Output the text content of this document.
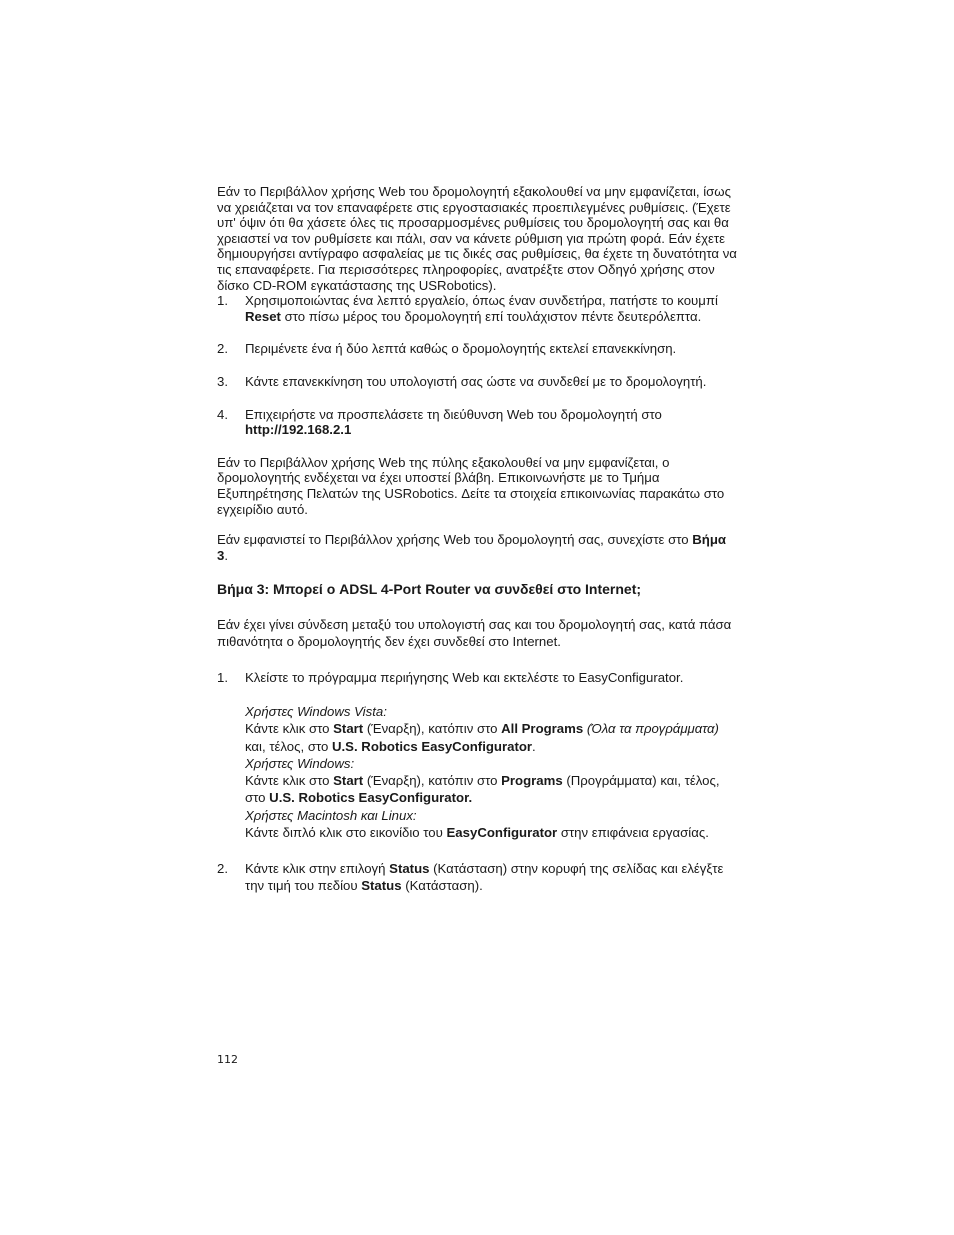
Εάν το Περιβάλλον χρήσης Web του δρομολογητή εξακολουθεί να μην εμφανίζεται, ίσως να χρειάζεται να τον επαναφέρετε στις εργοστασιακές προεπιλεγμένες ρυθμίσεις. (Έχετε υπ' όψιν ότι θα χάσετε όλες τις προσαρμοσμένες ρυθμίσεις του δρομολογητή σας και θα χρειαστεί να τον ρυθμίσετε και πάλι, σαν να κάνετε ρύθμιση για πρώτη φορά. Εάν έχετε δημιουργήσει αντίγραφο ασφαλείας με τις δικές σας ρυθμίσεις, θα έχετε τη δυνατότητα να τις επαναφέρετε. Για περισσότερες πληροφορίες, ανατρέξτε στον Οδηγό χρήσης στον δίσκο CD-ROM εγκατάστασης της USRobotics).

1. Χρησιμοποιώντας ένα λεπτό εργαλείο, όπως έναν συνδετήρα, πατήστε το κουμπί Reset στο πίσω μέρος του δρομολογητή επί τουλάχιστον πέντε δευτερόλεπτα.
2. Περιμένετε ένα ή δύο λεπτά καθώς ο δρομολογητής εκτελεί επανεκκίνηση.
3. Κάντε επανεκκίνηση του υπολογιστή σας ώστε να συνδεθεί με το δρομολογητή.
4. Επιχειρήστε να προσπελάσετε τη διεύθυνση Web του δρομολογητή στο http://192.168.2.1

Εάν το Περιβάλλον χρήσης Web της πύλης εξακολουθεί να μην εμφανίζεται, ο δρομολογητής ενδέχεται να έχει υποστεί βλάβη. Επικοινωνήστε με το Τμήμα Εξυπηρέτησης Πελατών της USRobotics. Δείτε τα στοιχεία επικοινωνίας παρακάτω στο εγχειρίδιο αυτό.

Εάν εμφανιστεί το Περιβάλλον χρήσης Web του δρομολογητή σας, συνεχίστε στο Βήμα 3.

Βήμα 3: Μπορεί ο ADSL 4-Port Router να συνδεθεί στο Internet;

Εάν έχει γίνει σύνδεση μεταξύ του υπολογιστή σας και του δρομολογητή σας, κατά πάσα πιθανότητα ο δρομολογητής δεν έχει συνδεθεί στο Internet.

1. Κλείστε το πρόγραμμα περιήγησης Web και εκτελέστε το EasyConfigurator.
Χρήστες Windows Vista:
Κάντε κλικ στο Start (Έναρξη), κατόπιν στο All Programs (Όλα τα προγράμματα) και, τέλος, στο U.S. Robotics EasyConfigurator.
Χρήστες Windows:
Κάντε κλικ στο Start (Έναρξη), κατόπιν στο Programs (Προγράμματα) και, τέλος, στο U.S. Robotics EasyConfigurator.
Χρήστες Macintosh και Linux:
Κάντε διπλό κλικ στο εικονίδιο του EasyConfigurator στην επιφάνεια εργασίας.
2. Κάντε κλικ στην επιλογή Status (Κατάσταση) στην κορυφή της σελίδας και ελέγξτε την τιμή του πεδίου Status (Κατάσταση).
112
